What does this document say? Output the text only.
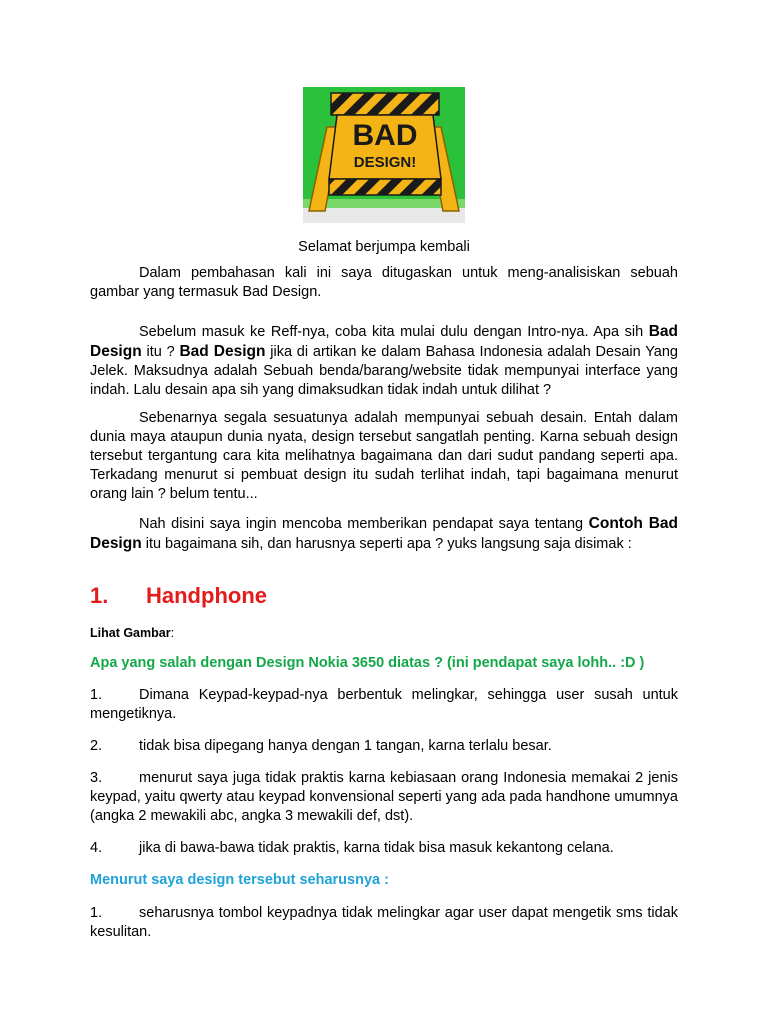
BAD
DESIGN!
Selamat berjumpa kembali

Dalam pembahasan kali ini saya ditugaskan untuk meng-analisiskan sebuah gambar yang termasuk Bad Design.

Sebelum masuk ke Reff-nya, coba kita mulai dulu dengan Intro-nya. Apa sih Bad Design itu ? Bad Design jika di artikan ke dalam Bahasa Indonesia adalah Desain Yang Jelek. Maksudnya adalah Sebuah benda/barang/website tidak mempunyai interface yang indah. Lalu desain apa sih yang dimaksudkan tidak indah untuk dilihat ?

Sebenarnya segala sesuatunya adalah mempunyai sebuah desain. Entah dalam dunia maya ataupun dunia nyata, design tersebut sangatlah penting. Karna sebuah design tersebut tergantung cara kita melihatnya bagaimana dan dari sudut pandang seperti apa. Terkadang menurut si pembuat design itu sudah terlihat indah, tapi bagaimana menurut orang lain ? belum tentu...

Nah disini saya ingin mencoba memberikan pendapat saya tentang Contoh Bad Design itu bagaimana sih, dan harusnya seperti apa ? yuks langsung saja disimak :

1. Handphone
Lihat Gambar:
Apa yang salah dengan Design Nokia 3650 diatas ? (ini pendapat saya lohh.. :D )

1.	Dimana Keypad-keypad-nya berbentuk melingkar, sehingga user susah untuk mengetiknya.

2.	tidak bisa dipegang hanya dengan 1 tangan, karna terlalu besar.

3.	menurut saya juga tidak praktis karna kebiasaan orang Indonesia memakai 2 jenis keypad, yaitu qwerty atau keypad konvensional seperti yang ada pada handhone umumnya (angka 2 mewakili abc, angka 3 mewakili def, dst).

4.	jika di bawa-bawa tidak praktis, karna tidak bisa masuk kekantong celana.

Menurut saya design tersebut seharusnya :

1.	seharusnya tombol keypadnya tidak melingkar agar user dapat mengetik sms tidak kesulitan.
